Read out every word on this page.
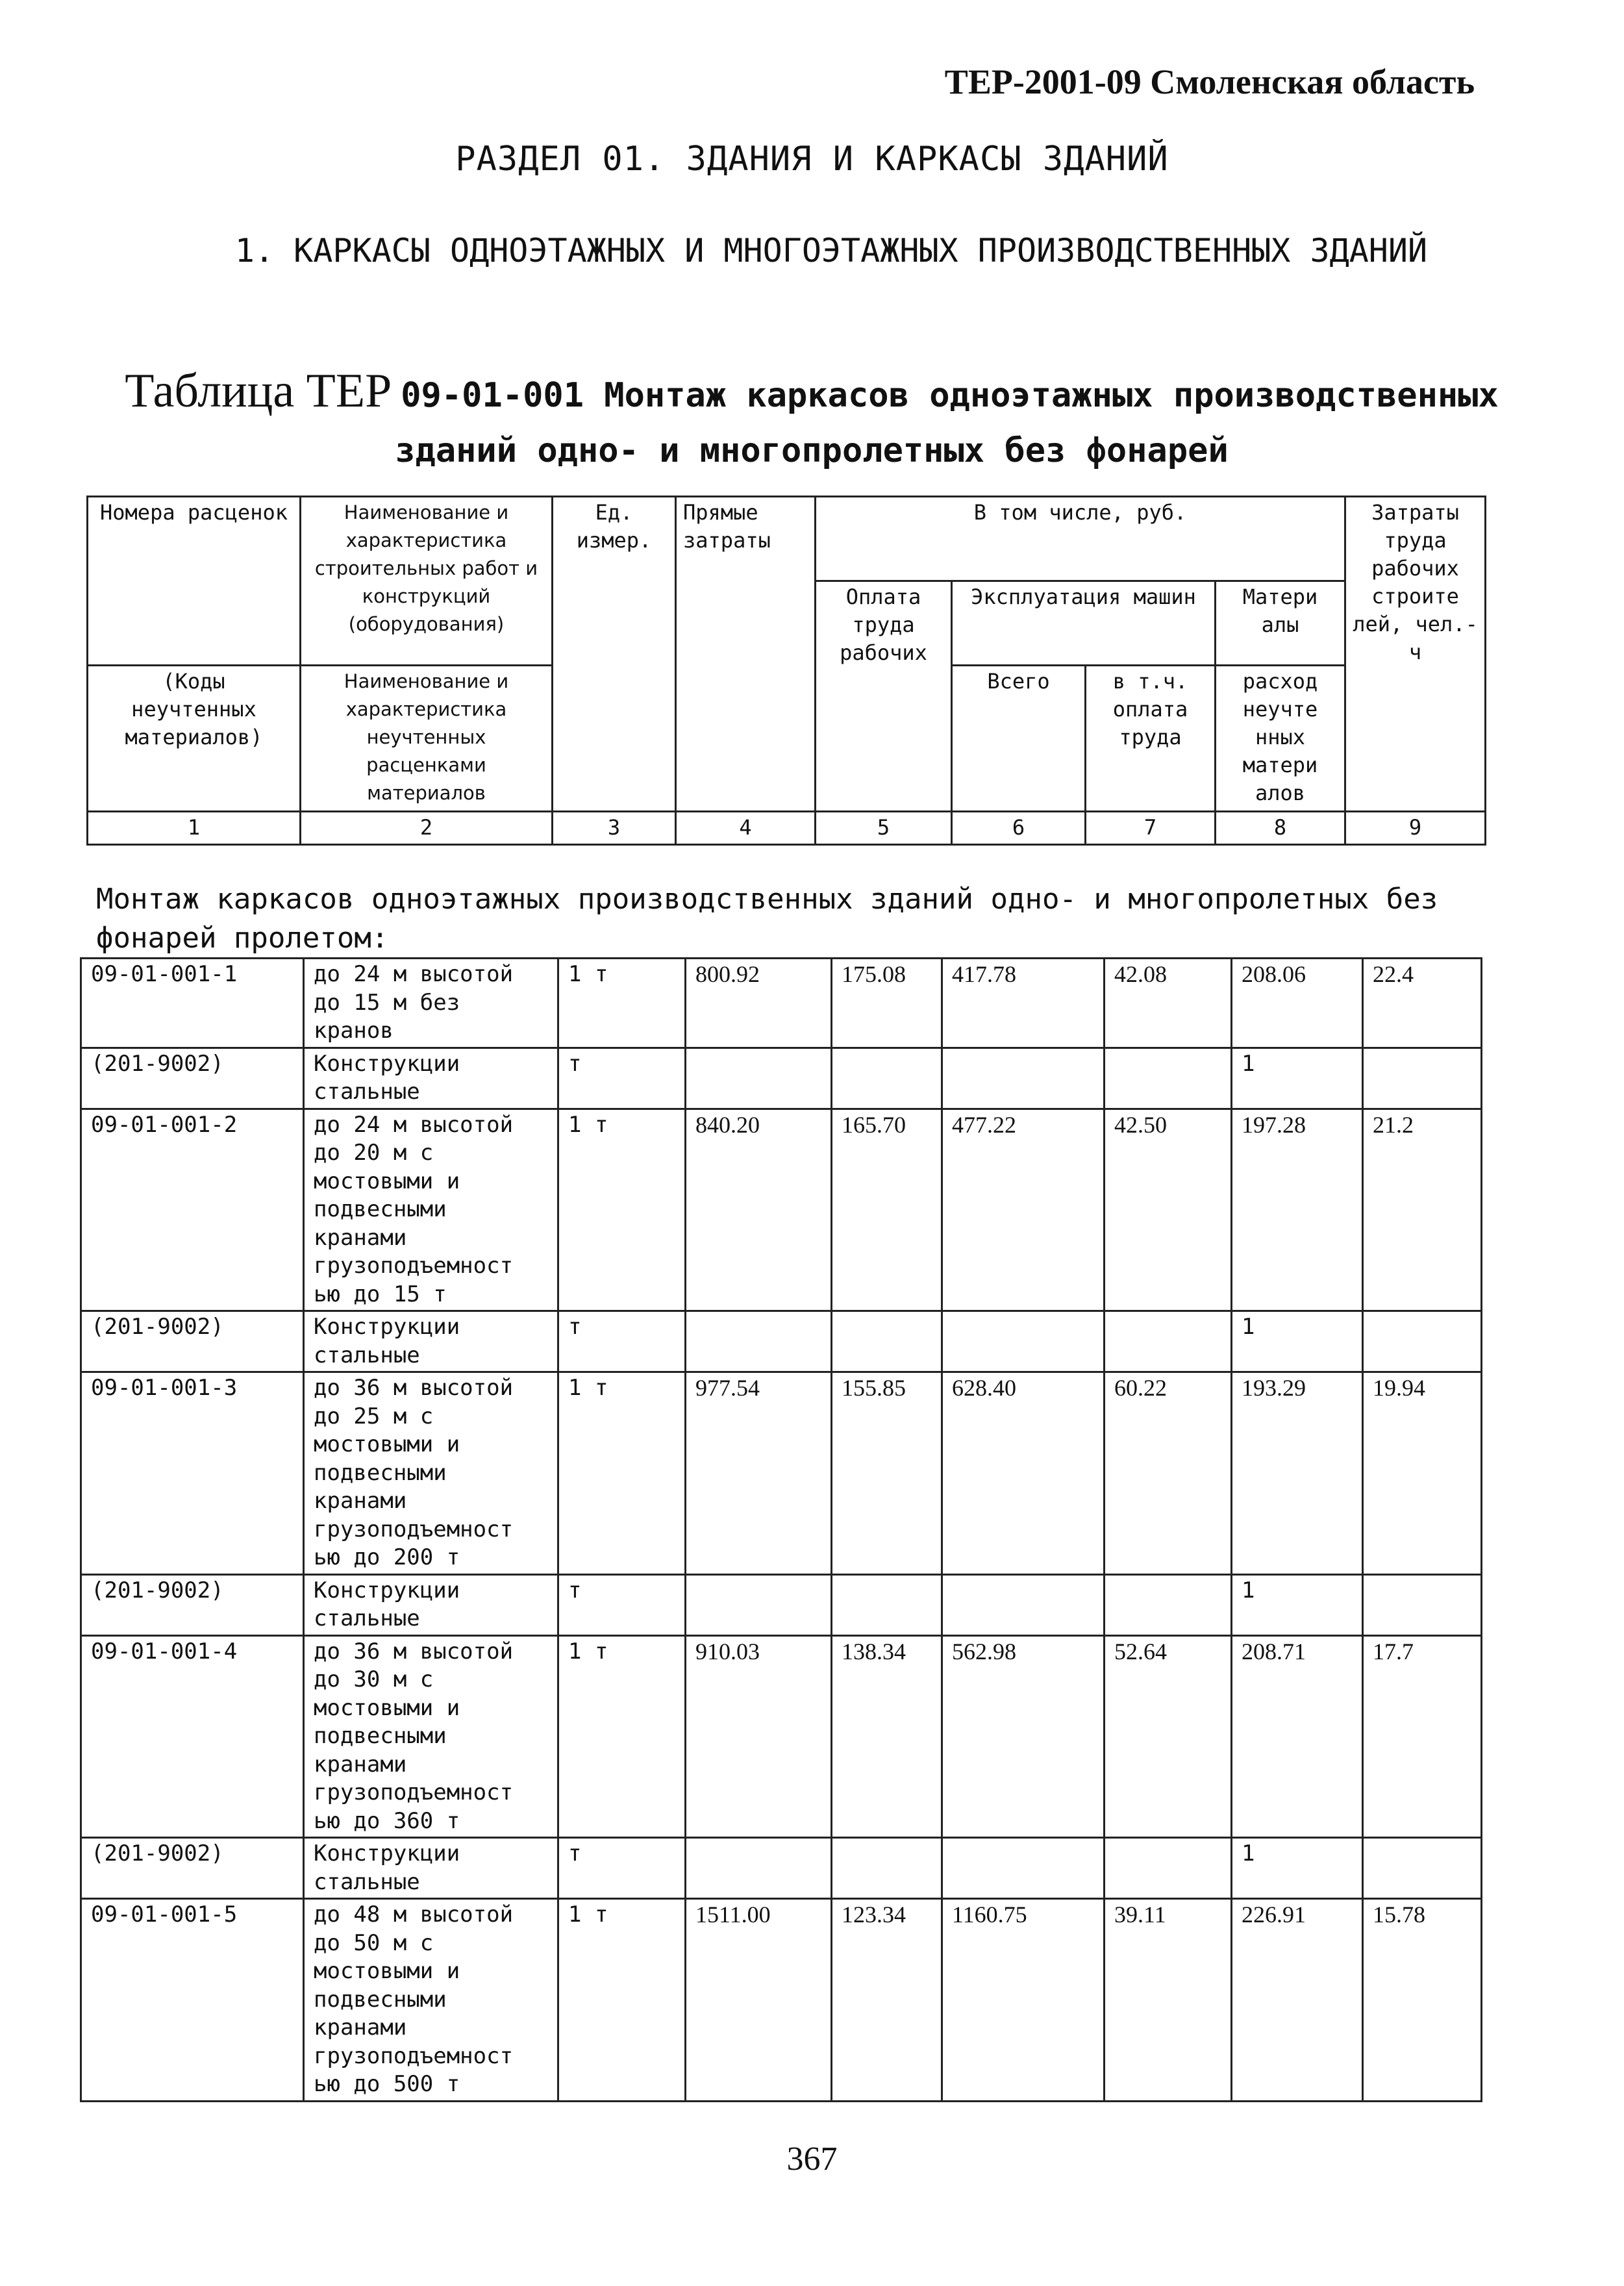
ТЕР-2001-09 Смоленская область
РАЗДЕЛ 01. ЗДАНИЯ И КАРКАСЫ ЗДАНИЙ
1. КАРКАСЫ ОДНОЭТАЖНЫХ И МНОГОЭТАЖНЫХ ПРОИЗВОДСТВЕННЫХ ЗДАНИЙ
Таблица ТЕР 09-01-001 Монтаж каркасов одноэтажных производственных зданий одно- и многопролетных без фонарей
Номера расценок	Наименование и характеристика строительных работ и конструкций (оборудования)	Ед. измер.	Прямые затраты	В том числе, руб.				Затраты труда рабочих строите лей, чел.-ч
				Оплата труда рабочих	Эксплуатация машин		Матери алы	
(Коды неучтенных материалов)	Наименование и характеристика неучтенных расценками материалов				Всего	в т.ч. оплата труда	расход неучте нных матери алов	
1	2	3	4	5	6	7	8	9
Монтаж каркасов одноэтажных производственных зданий одно- и многопролетных без фонарей пролетом:
09-01-001-1	до 24 м высотой до 15 м без кранов	1 т	800.92	175.08	417.78	42.08	208.06	22.4
(201-9002)	Конструкции стальные	т					1	
09-01-001-2	до 24 м высотой до 20 м с мостовыми и подвесными кранами грузоподъемност ью до 15 т	1 т	840.20	165.70	477.22	42.50	197.28	21.2
(201-9002)	Конструкции стальные	т					1	
09-01-001-3	до 36 м высотой до 25 м с мостовыми и подвесными кранами грузоподъемност ью до 200 т	1 т	977.54	155.85	628.40	60.22	193.29	19.94
(201-9002)	Конструкции стальные	т					1	
09-01-001-4	до 36 м высотой до 30 м с мостовыми и подвесными кранами грузоподъемност ью до 360 т	1 т	910.03	138.34	562.98	52.64	208.71	17.7
(201-9002)	Конструкции стальные	т					1	
09-01-001-5	до 48 м высотой до 50 м с мостовыми и подвесными кранами грузоподъемност ью до 500 т	1 т	1511.00	123.34	1160.75	39.11	226.91	15.78
367
